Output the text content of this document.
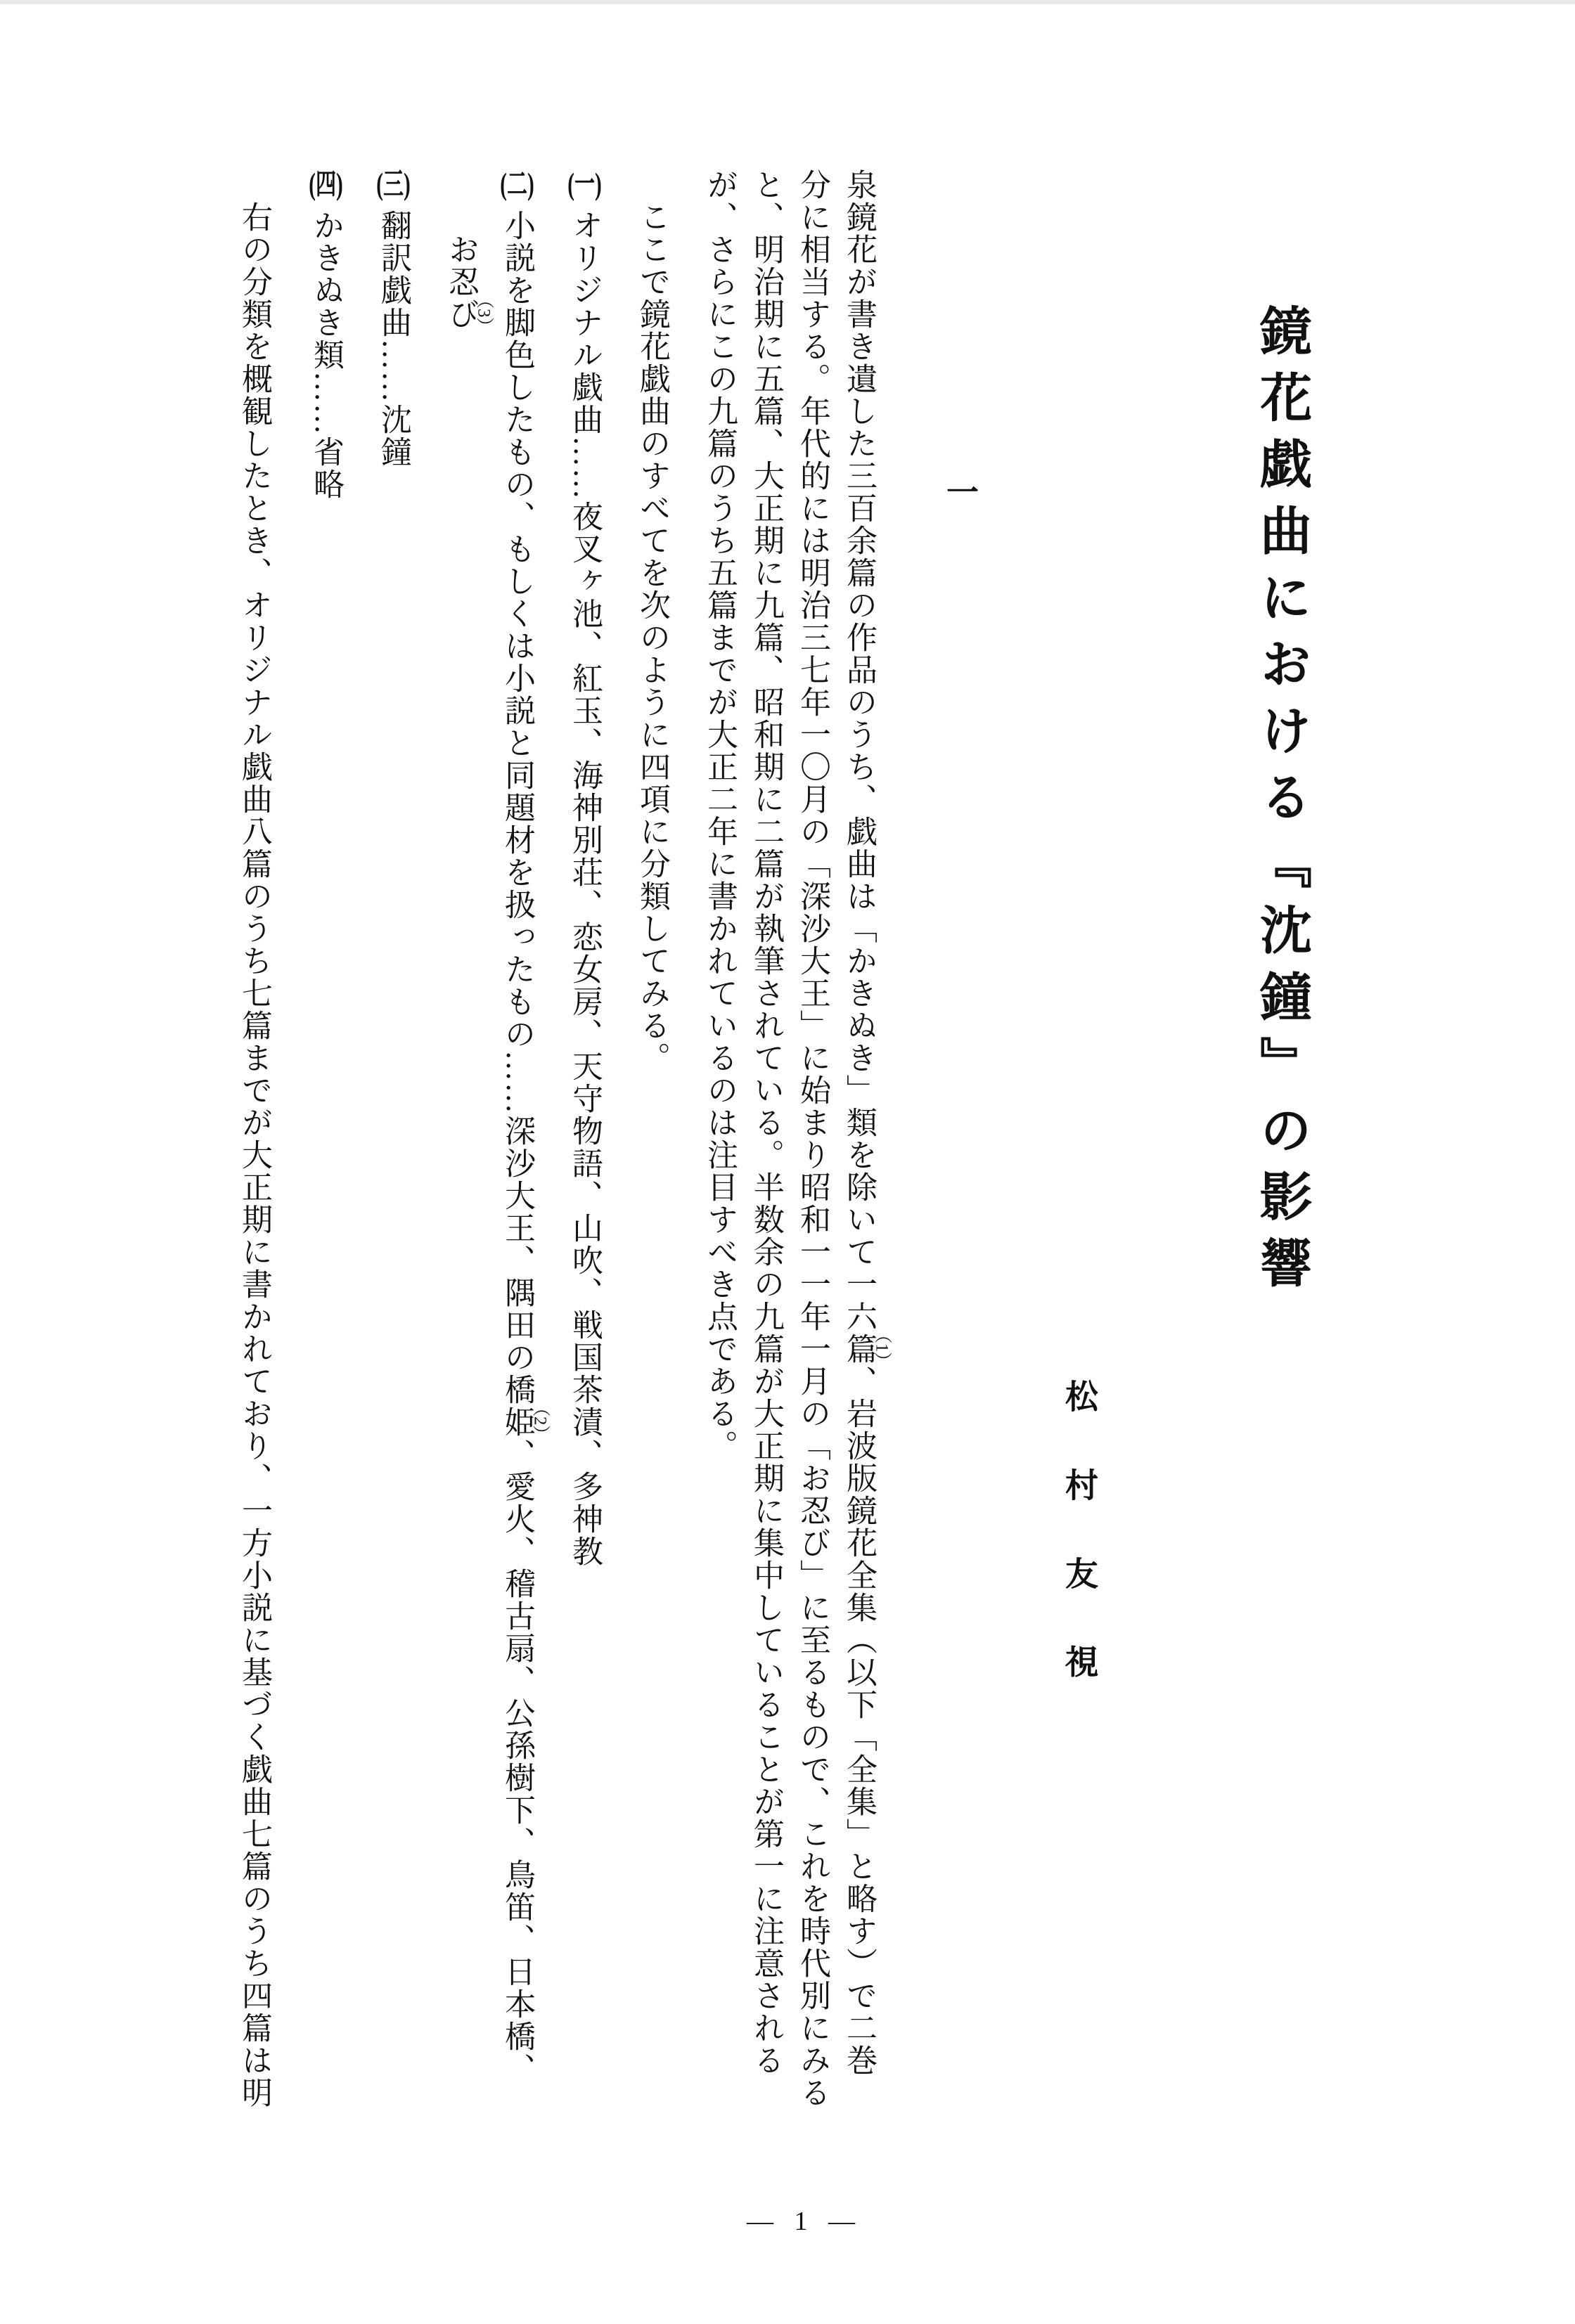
鏡花戯曲における『沈鐘』の影響
松村友視
一

泉鏡花が書き遺した三百余篇の作品のうち、戯曲は「かきぬき」類を除いて一六篇
（1）
、岩波版鏡花全集（以下「全集」と略す）で二巻

分に相当する。年代的には明治三七年一〇月の「深沙大王」に始まり昭和一一年一月の「お忍び」に至るもので、これを時代別にみる

と、明治期に五篇、大正期に九篇、昭和期に二篇が執筆されている。半数余の九篇が大正期に集中していることが第一に注意される

が、さらにこの九篇のうち五篇までが大正二年に書かれているのは注目すべき点である。

　ここで鏡花戯曲のすべてを次のように四項に分類してみる。

(一)オリジナル戯曲……夜叉ヶ池、紅玉、海神別荘、恋女房、天守物語、山吹、戦国茶漬、多神教

(二)小説を脚色したもの、もしくは小説と同題材を扱ったもの……深沙大王、隅田の橋姫
（2）
、愛火、稽古扇、公孫樹下、鳥笛、日本橋、

お忍び
（3）

(三)翻訳戯曲……沈鐘

(四)かきぬき類……省略

　右の分類を概観したとき、オリジナル戯曲八篇のうち七篇までが大正期に書かれており、一方小説に基づく戯曲七篇のうち四篇は明

― 1 ―
